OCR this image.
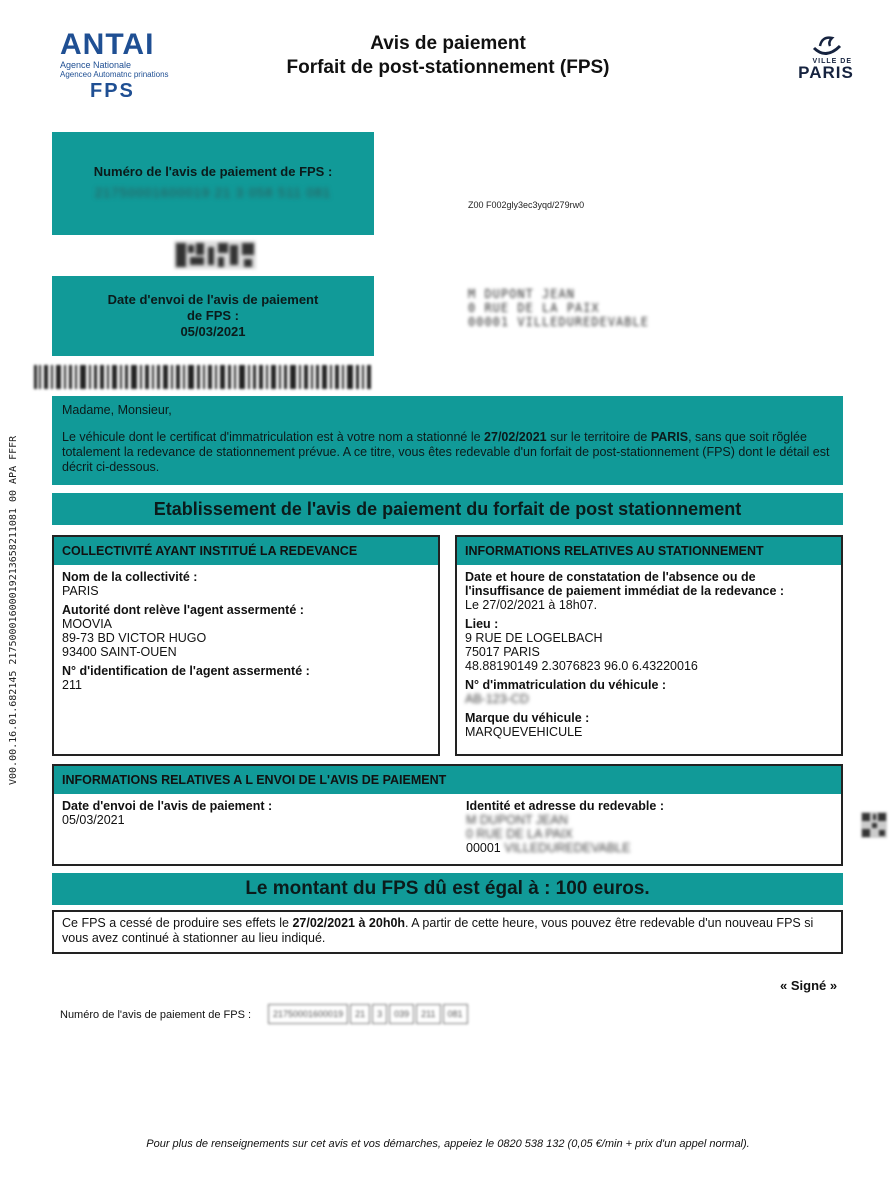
ANTAI
Agence Nationale
Agenceo Automatnc prinations
FPS
Avis de paiement
Forfait de post-stationnement (FPS)	VILLE DE
PARIS
V00.00.16.01.682145 21750001600019213658211081 00 APA FFFR
Numéro de l'avis de paiement de FPS :
21750001600019 21 3 058 511 081
Z00 F002gly3ec3yqd/279rw0
Date d'envoi de l'avis de paiement
de FPS :
05/03/2021
M DUPONT JEAN
0 RUE DE LA PAIX
00001 VILLEDUREDEVABLE

Madame, Monsieur,

Le véhicule dont le certificat d'immatriculation est à votre nom a stationné le 27/02/2021 sur le territoire de PARIS, sans que soit rõglée totalement la redevance de stationnement prévue. A ce titre, vous êtes redevable d'un forfait de post-stationnement (FPS) dont le détail est décrit ci-dessous.

Etablissement de l'avis de paiement du forfait de post stationnement
COLLECTIVITÉ AYANT INSTITUÉ LA REDEVANCE
Nom de la collectivité :
PARIS
Autorité dont relève l'agent assermenté :
MOOVIA
89-73 BD VICTOR HUGO
93400 SAINT-OUEN
N° d'identification de l'agent assermenté :
211
INFORMATIONS RELATIVES AU STATIONNEMENT
Date et houre de constatation de l'absence ou de
l'insuffisance de paiement immédiat de la redevance :
Le 27/02/2021 à 18h07.
Lieu :
9 RUE DE LOGELBACH
75017 PARIS
48.88190149 2.3076823 96.0 6.43220016
N° d'immatriculation du véhicule :
AB-123-CD
Marque du véhicule :
MARQUEVEHICULE
INFORMATIONS RELATIVES A L ENVOI DE L'AVIS DE PAIEMENT
Date d'envoi de l'avis de paiement :
05/03/2021
Identité et adresse du redevable :
M DUPONT JEAN
0 RUE DE LA PAIX
00001 VILLEDUREDEVABLE
Le montant du FPS dû est égal à : 100 euros.
Ce FPS a cessé de produire ses effets le 27/02/2021 à 20h0h. A partir de cette heure, vous pouvez être redevable d'un nouveau FPS si vous avez continué à stationner au lieu indiqué.
« Signé »
Numéro de l'avis de paiement de FPS :	21750001600019	21	3	039	211	081
Pour plus de renseignements sur cet avis et vos démarches, appeiez le 0820 538 132 (0,05 €/min + prix d'un appel normal).
